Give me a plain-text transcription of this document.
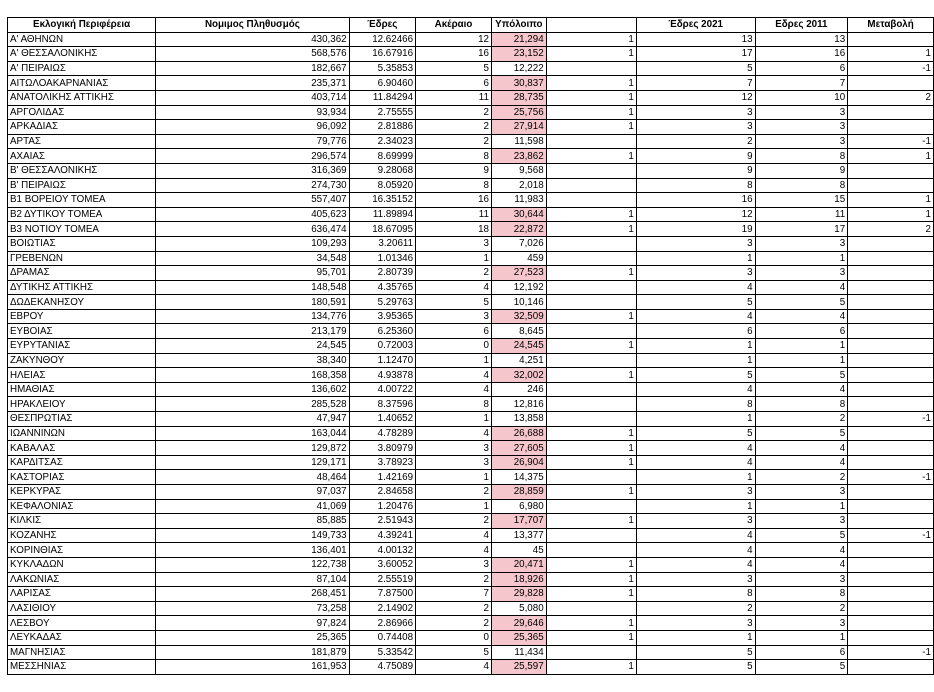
Εκλογική Περιφέρεια	Νομιμος Πληθυσμός	Έδρες	Ακέραιο	Υπόλοιπο		Έδρες 2021	Εδρες 2011	Μεταβολή
Α' ΑΘΗΝΩΝ	430,362	12.62466	12	21,294	1	13	13	
Α' ΘΕΣΣΑΛΟΝΙΚΗΣ	568,576	16.67916	16	23,152	1	17	16	1
Α' ΠΕΙΡΑΙΩΣ	182,667	5.35853	5	12,222		5	6	-1
ΑΙΤΩΛΟΑΚΑΡΝΑΝΙΑΣ	235,371	6.90460	6	30,837	1	7	7	
ΑΝΑΤΟΛΙΚΗΣ ΑΤΤΙΚΗΣ	403,714	11.84294	11	28,735	1	12	10	2
ΑΡΓΟΛΙΔΑΣ	93,934	2.75555	2	25,756	1	3	3	
ΑΡΚΑΔΙΑΣ	96,092	2.81886	2	27,914	1	3	3	
ΑΡΤΑΣ	79,776	2.34023	2	11,598		2	3	-1
ΑΧΑΙΑΣ	296,574	8.69999	8	23,862	1	9	8	1
Β' ΘΕΣΣΑΛΟΝΙΚΗΣ	316,369	9.28068	9	9,568		9	9	
Β' ΠΕΙΡΑΙΩΣ	274,730	8.05920	8	2,018		8	8	
Β1 ΒΟΡΕΙΟΥ ΤΟΜΕΑ	557,407	16.35152	16	11,983		16	15	1
Β2 ΔΥΤΙΚΟΥ ΤΟΜΕΑ	405,623	11.89894	11	30,644	1	12	11	1
Β3 ΝΟΤΙΟΥ ΤΟΜΕΑ	636,474	18.67095	18	22,872	1	19	17	2
ΒΟΙΩΤΙΑΣ	109,293	3.20611	3	7,026		3	3	
ΓΡΕΒΕΝΩΝ	34,548	1.01346	1	459		1	1	
ΔΡΑΜΑΣ	95,701	2.80739	2	27,523	1	3	3	
ΔΥΤΙΚΗΣ ΑΤΤΙΚΗΣ	148,548	4.35765	4	12,192		4	4	
ΔΩΔΕΚΑΝΗΣΟΥ	180,591	5.29763	5	10,146		5	5	
ΕΒΡΟΥ	134,776	3.95365	3	32,509	1	4	4	
ΕΥΒΟΙΑΣ	213,179	6.25360	6	8,645		6	6	
ΕΥΡΥΤΑΝΙΑΣ	24,545	0.72003	0	24,545	1	1	1	
ΖΑΚΥΝΘΟΥ	38,340	1.12470	1	4,251		1	1	
ΗΛΕΙΑΣ	168,358	4.93878	4	32,002	1	5	5	
ΗΜΑΘΙΑΣ	136,602	4.00722	4	246		4	4	
ΗΡΑΚΛΕΙΟΥ	285,528	8.37596	8	12,816		8	8	
ΘΕΣΠΡΩΤΙΑΣ	47,947	1.40652	1	13,858		1	2	-1
ΙΩΑΝΝΙΝΩΝ	163,044	4.78289	4	26,688	1	5	5	
ΚΑΒΑΛΑΣ	129,872	3.80979	3	27,605	1	4	4	
ΚΑΡΔΙΤΣΑΣ	129,171	3.78923	3	26,904	1	4	4	
ΚΑΣΤΟΡΙΑΣ	48,464	1.42169	1	14,375		1	2	-1
ΚΕΡΚΥΡΑΣ	97,037	2.84658	2	28,859	1	3	3	
ΚΕΦΑΛΟΝΙΑΣ	41,069	1.20476	1	6,980		1	1	
ΚΙΛΚΙΣ	85,885	2.51943	2	17,707	1	3	3	
ΚΟΖΑΝΗΣ	149,733	4.39241	4	13,377		4	5	-1
ΚΟΡΙΝΘΙΑΣ	136,401	4.00132	4	45		4	4	
ΚΥΚΛΑΔΩΝ	122,738	3.60052	3	20,471	1	4	4	
ΛΑΚΩΝΙΑΣ	87,104	2.55519	2	18,926	1	3	3	
ΛΑΡΙΣΑΣ	268,451	7.87500	7	29,828	1	8	8	
ΛΑΣΙΘΙΟΥ	73,258	2.14902	2	5,080		2	2	
ΛΕΣΒΟΥ	97,824	2.86966	2	29,646	1	3	3	
ΛΕΥΚΑΔΑΣ	25,365	0.74408	0	25,365	1	1	1	
ΜΑΓΝΗΣΙΑΣ	181,879	5.33542	5	11,434		5	6	-1
ΜΕΣΣΗΝΙΑΣ	161,953	4.75089	4	25,597	1	5	5	
